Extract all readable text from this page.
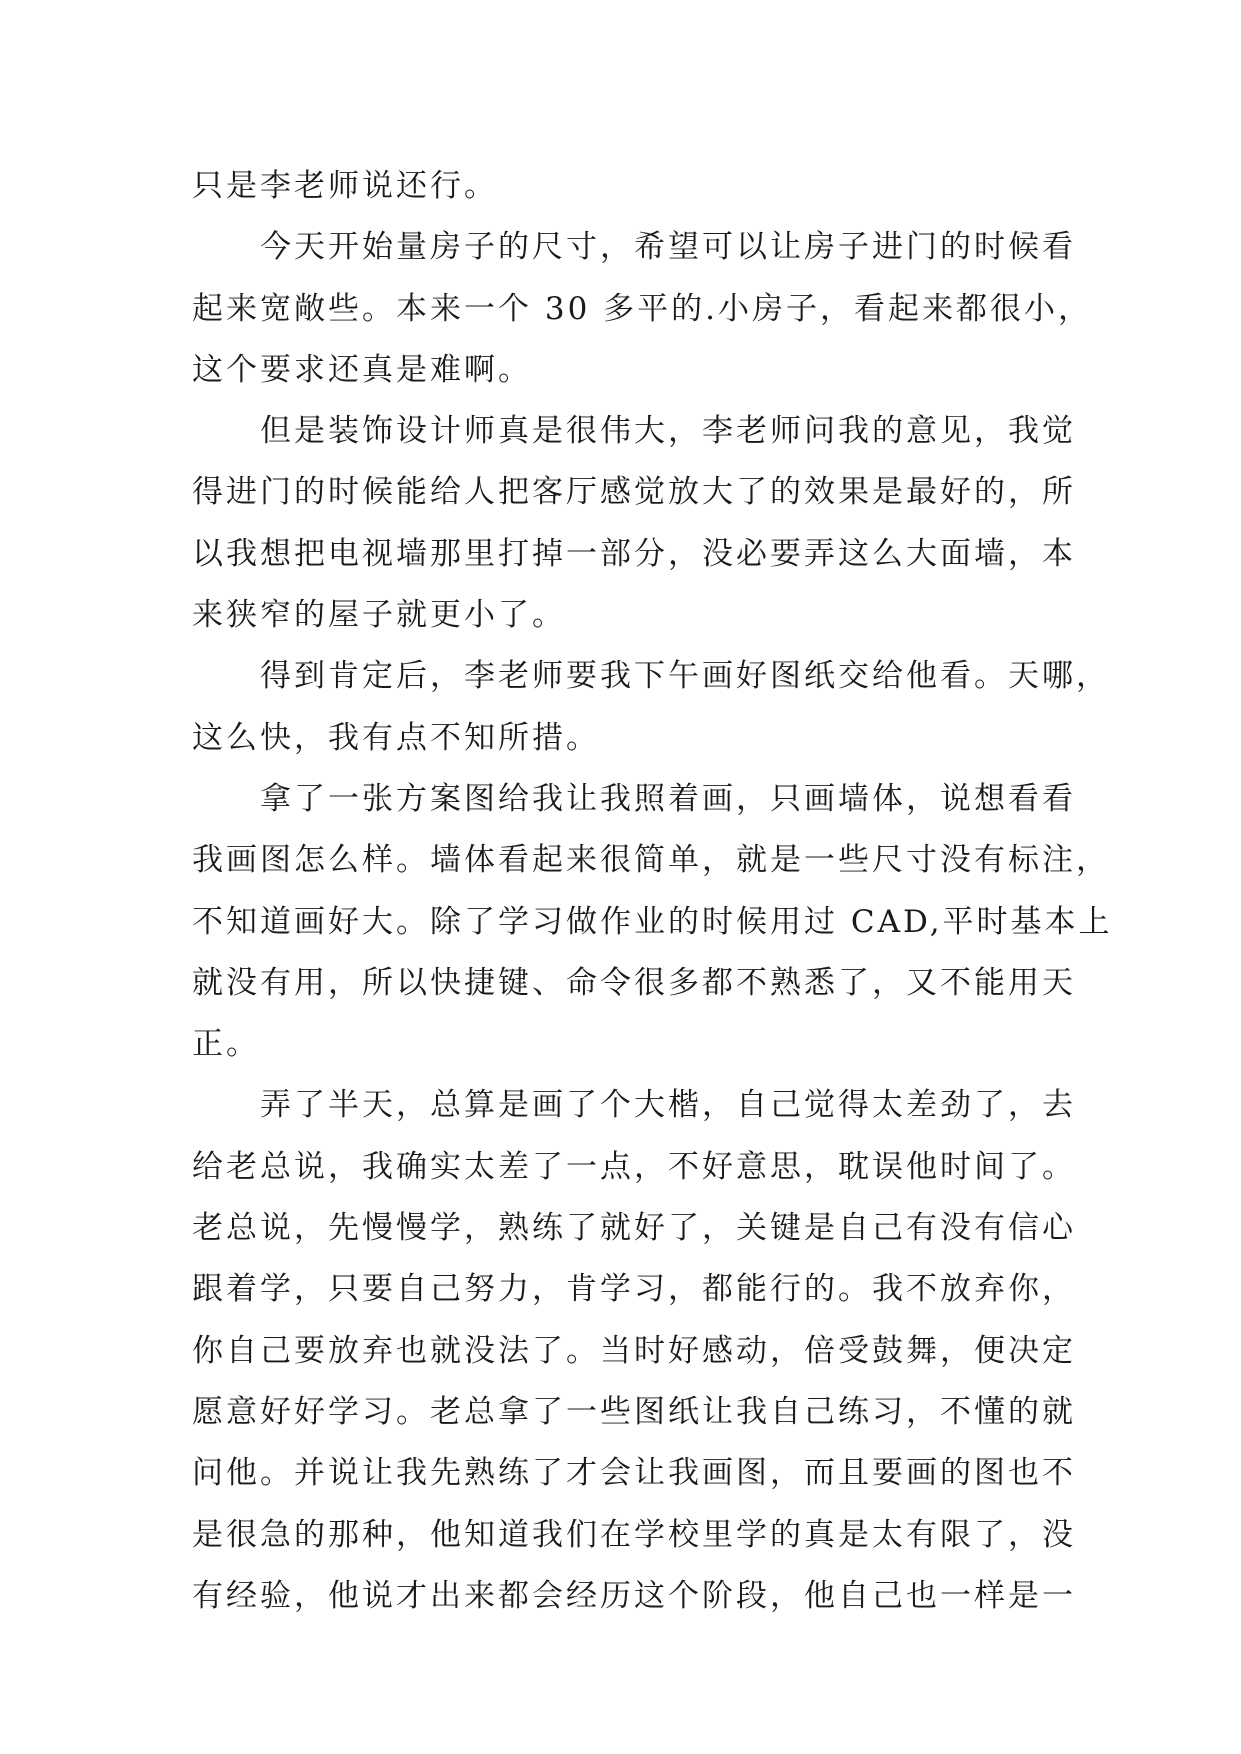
只是李老师说还行。
　　今天开始量房子的尺寸，希望可以让房子进门的时候看
起来宽敞些。本来一个 30 多平的.小房子，看起来都很小，
这个要求还真是难啊。
　　但是装饰设计师真是很伟大，李老师问我的意见，我觉
得进门的时候能给人把客厅感觉放大了的效果是最好的，所
以我想把电视墙那里打掉一部分，没必要弄这么大面墙，本
来狭窄的屋子就更小了。
　　得到肯定后，李老师要我下午画好图纸交给他看。天哪，
这么快，我有点不知所措。
　　拿了一张方案图给我让我照着画，只画墙体，说想看看
我画图怎么样。墙体看起来很简单，就是一些尺寸没有标注，
不知道画好大。除了学习做作业的时候用过 CAD,平时基本上
就没有用，所以快捷键、命令很多都不熟悉了，又不能用天
正。
　　弄了半天，总算是画了个大楷，自己觉得太差劲了，去
给老总说，我确实太差了一点，不好意思，耽误他时间了。
老总说，先慢慢学，熟练了就好了，关键是自己有没有信心
跟着学，只要自己努力，肯学习，都能行的。我不放弃你，
你自己要放弃也就没法了。当时好感动，倍受鼓舞，便决定
愿意好好学习。老总拿了一些图纸让我自己练习，不懂的就
问他。并说让我先熟练了才会让我画图，而且要画的图也不
是很急的那种，他知道我们在学校里学的真是太有限了，没
有经验，他说才出来都会经历这个阶段，他自己也一样是一
